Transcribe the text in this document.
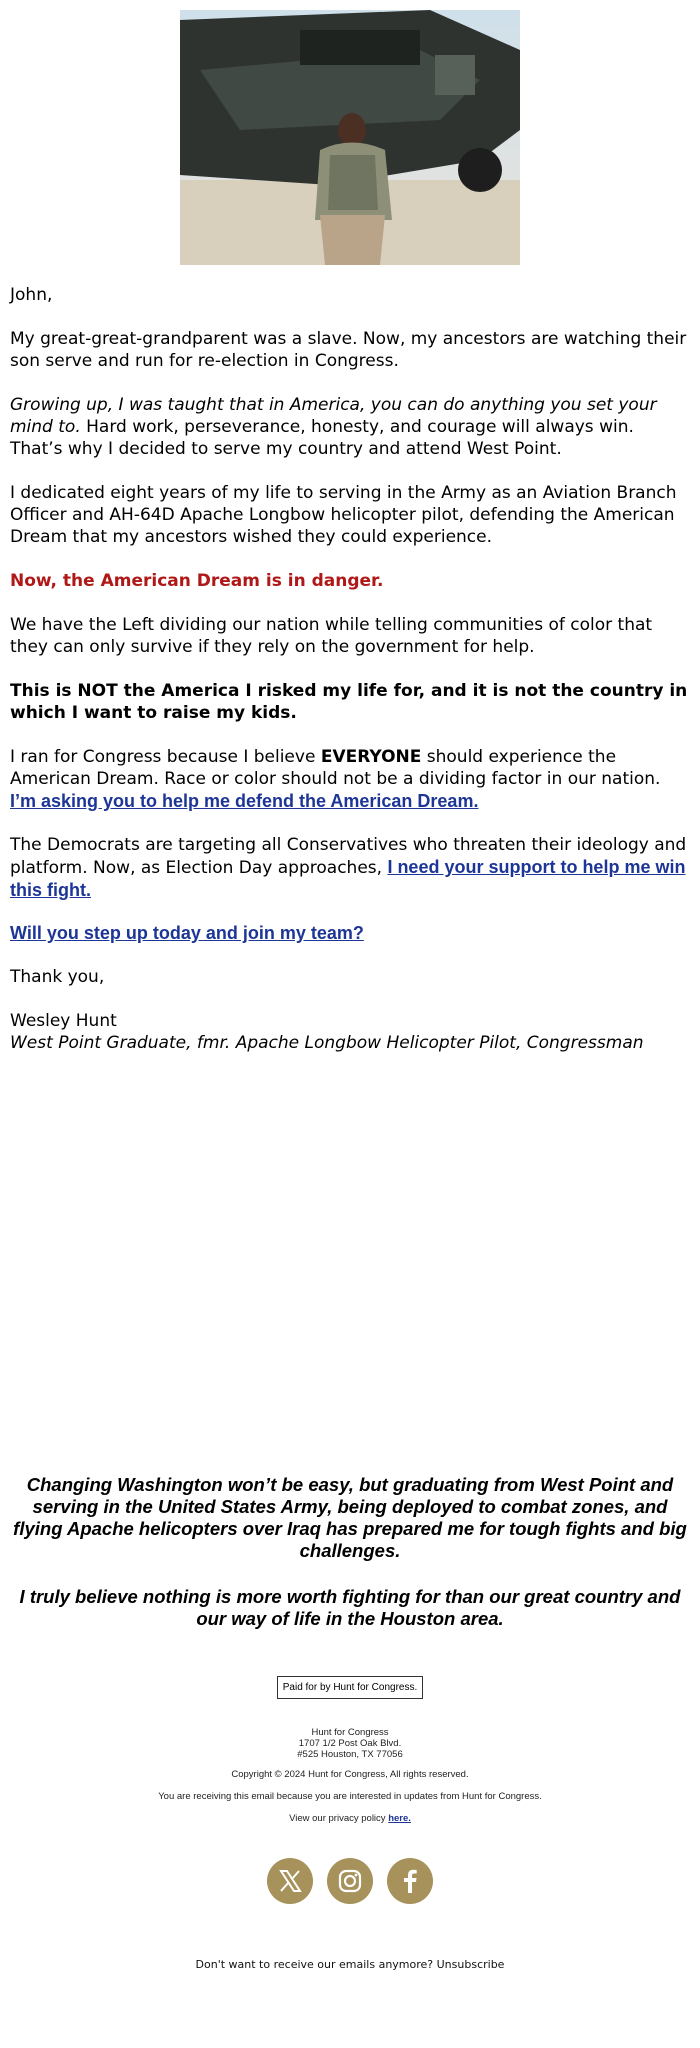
John,
My great-great-grandparent was a slave. Now, my ancestors are watching their son serve and run for re-election in Congress.

Growing up, I was taught that in America, you can do anything you set your mind to. Hard work, perseverance, honesty, and courage will always win. That’s why I decided to serve my country and attend West Point.

I dedicated eight years of my life to serving in the Army as an Aviation Branch Officer and AH-64D Apache Longbow helicopter pilot, defending the American Dream that my ancestors wished they could experience.
Now, the American Dream is in danger.
We have the Left dividing our nation while telling communities of color that they can only survive if they rely on the government for help.
This is NOT the America I risked my life for, and it is not the country in which I want to raise my kids.

I ran for Congress because I believe EVERYONE should experience the American Dream. Race or color should not be a dividing factor in our nation. I’m asking you to help me defend the American Dream.

The Democrats are targeting all Conservatives who threaten their ideology and platform. Now, as Election Day approaches, I need your support to help me win this fight.

Will you step up today and join my team?
Thank you,
Wesley Hunt
West Point Graduate, fmr. Apache Longbow Helicopter Pilot, Congressman
Changing Washington won’t be easy, but graduating from West Point and serving in the United States Army, being deployed to combat zones, and flying Apache helicopters over Iraq has prepared me for tough fights and big challenges.
I truly believe nothing is more worth fighting for than our great country and our way of life in the Houston area.
Paid for by Hunt for Congress.
Hunt for Congress
1707 1/2 Post Oak Blvd.
#525 Houston, TX 77056
Copyright © 2024 Hunt for Congress, All rights reserved.
You are receiving this email because you are interested in updates from Hunt for Congress.
View our privacy policy here.
Don't want to receive our emails anymore? Unsubscribe
